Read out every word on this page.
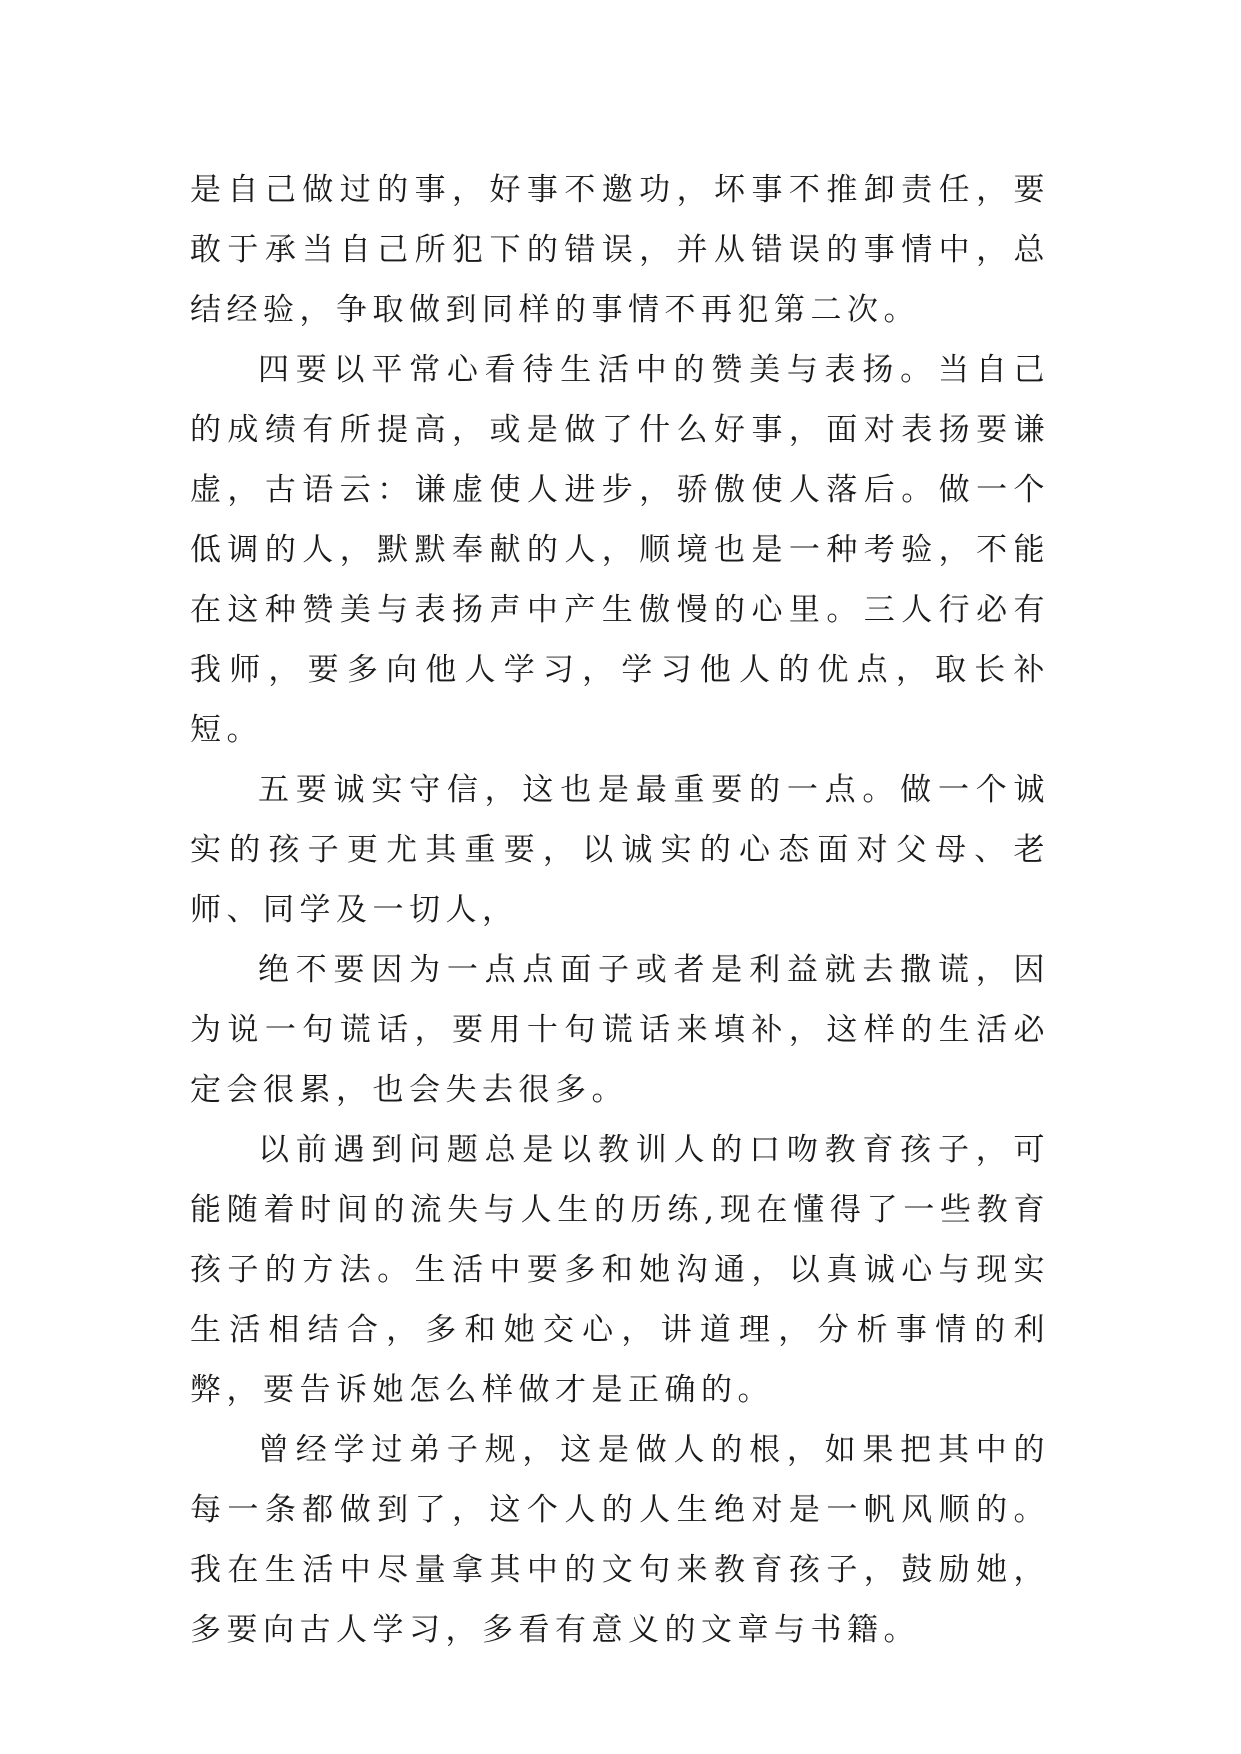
是自己做过的事，好事不邀功，坏事不推卸责任，要敢于承当自己所犯下的错误，并从错误的事情中，总结经验，争取做到同样的事情不再犯第二次。

四要以平常心看待生活中的赞美与表扬。当自己的成绩有所提高，或是做了什么好事，面对表扬要谦虚，古语云：谦虚使人进步，骄傲使人落后。做一个低调的人，默默奉献的人，顺境也是一种考验，不能在这种赞美与表扬声中产生傲慢的心里。三人行必有我师，要多向他人学习，学习他人的优点，取长补短。

五要诚实守信，这也是最重要的一点。做一个诚实的孩子更尤其重要，以诚实的心态面对父母、老师、同学及一切人，

绝不要因为一点点面子或者是利益就去撒谎，因为说一句谎话，要用十句谎话来填补，这样的生活必定会很累，也会失去很多。

以前遇到问题总是以教训人的口吻教育孩子，可能随着时间的流失与人生的历练,现在懂得了一些教育孩子的方法。生活中要多和她沟通，以真诚心与现实生活相结合，多和她交心，讲道理，分析事情的利弊，要告诉她怎么样做才是正确的。

曾经学过弟子规，这是做人的根，如果把其中的每一条都做到了，这个人的人生绝对是一帆风顺的。我在生活中尽量拿其中的文句来教育孩子，鼓励她，多要向古人学习，多看有意义的文章与书籍。
